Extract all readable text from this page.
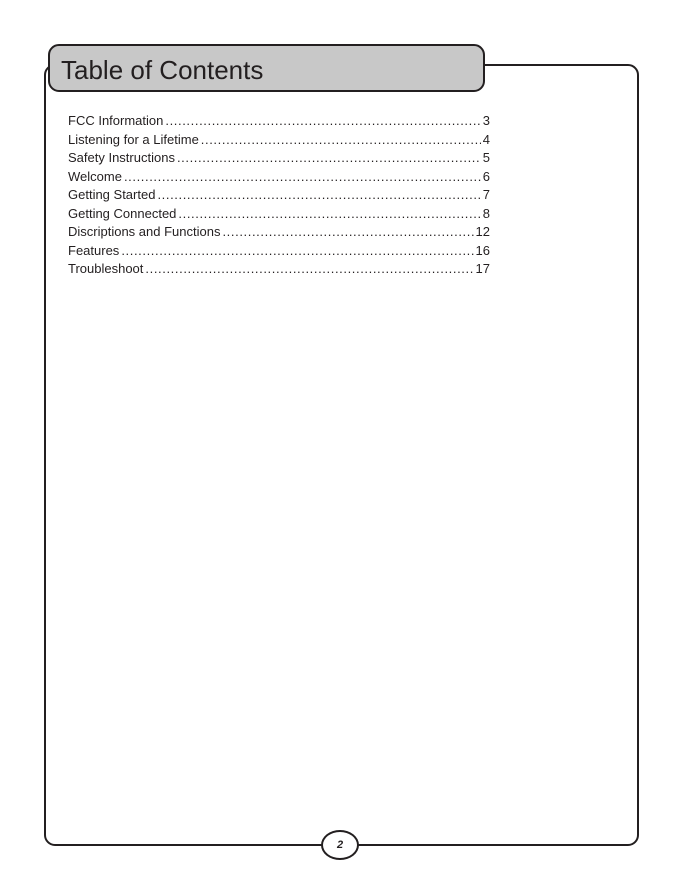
Table of Contents
FCC Information .....	3
Listening for a Lifetime .....	4
Safety Instructions .....	5
Welcome .....	6
Getting Started .....	7
Getting Connected .....	8
Discriptions and Functions .....	12
Features .....	16
Troubleshoot .....	17
2
